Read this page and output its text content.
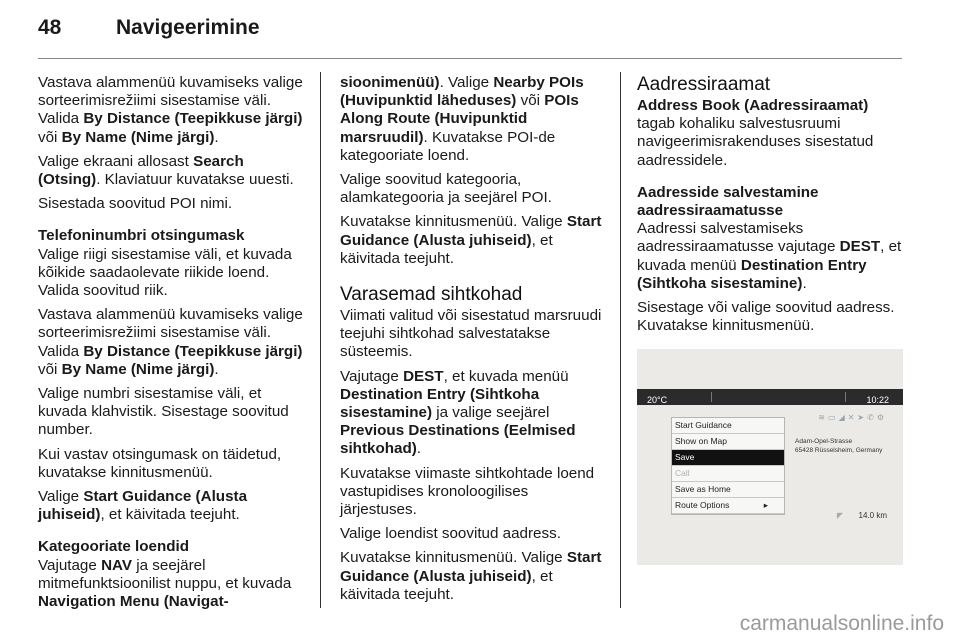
48	Navigeerimine

Vastava alammenüü kuvamiseks valige sorteerimisrežiimi sisestamise väli. Valida By Distance (Teepikkuse järgi) või By Name (Nime järgi).

Valige ekraani allosast Search (Otsing). Klaviatuur kuvatakse uuesti.

Sisestada soovitud POI nimi.

Telefoninumbri otsingumask

Valige riigi sisestamise väli, et kuvada kõikide saadaolevate riikide loend. Valida soovitud riik.

Vastava alammenüü kuvamiseks valige sorteerimisrežiimi sisestamise väli. Valida By Distance (Teepikkuse järgi) või By Name (Nime järgi).

Valige numbri sisestamise väli, et kuvada klahvistik. Sisestage soovitud number.

Kui vastav otsingumask on täidetud, kuvatakse kinnitusmenüü.

Valige Start Guidance (Alusta juhiseid), et käivitada teejuht.

Kategooriate loendid

Vajutage NAV ja seejärel mitmefunktsioonilist nuppu, et kuvada Navigation Menu (Navigat-

sioonimenüü). Valige Nearby POIs (Huvipunktid läheduses) või POIs Along Route (Huvipunktid marsruudil). Kuvatakse POI-de kategooriate loend.

Valige soovitud kategooria, alamkategooria ja seejärel POI.

Kuvatakse kinnitusmenüü. Valige Start Guidance (Alusta juhiseid), et käivitada teejuht.

Varasemad sihtkohad

Viimati valitud või sisestatud marsruudi teejuhi sihtkohad salvestatakse süsteemis.

Vajutage DEST, et kuvada menüü Destination Entry (Sihtkoha sisestamine) ja valige seejärel Previous Destinations (Eelmised sihtkohad).

Kuvatakse viimaste sihtkohtade loend vastupidises kronoloogilises järjestuses.

Valige loendist soovitud aadress.

Kuvatakse kinnitusmenüü. Valige Start Guidance (Alusta juhiseid), et käivitada teejuht.

Aadressiraamat
Address Book (Aadressiraamat)

tagab kohaliku salvestusruumi navigeerimisrakenduses sisestatud aadressidele.

Aadresside salvestamine aadressiraamatusse

Aadressi salvestamiseks aadressiraamatusse vajutage DEST, et kuvada menüü Destination Entry (Sihtkoha sisestamine).

Sisestage või valige soovitud aadress. Kuvatakse kinnitusmenüü.

20°C	10:22
≋▭◢✕➤✆⚙
Start Guidance
Show on Map
Save
Call
Save as Home
Route Options	▸
Adam-Opel-Strasse
65428 Rüsselsheim, Germany
◤ 14.0 km
carmanualsonline.info
